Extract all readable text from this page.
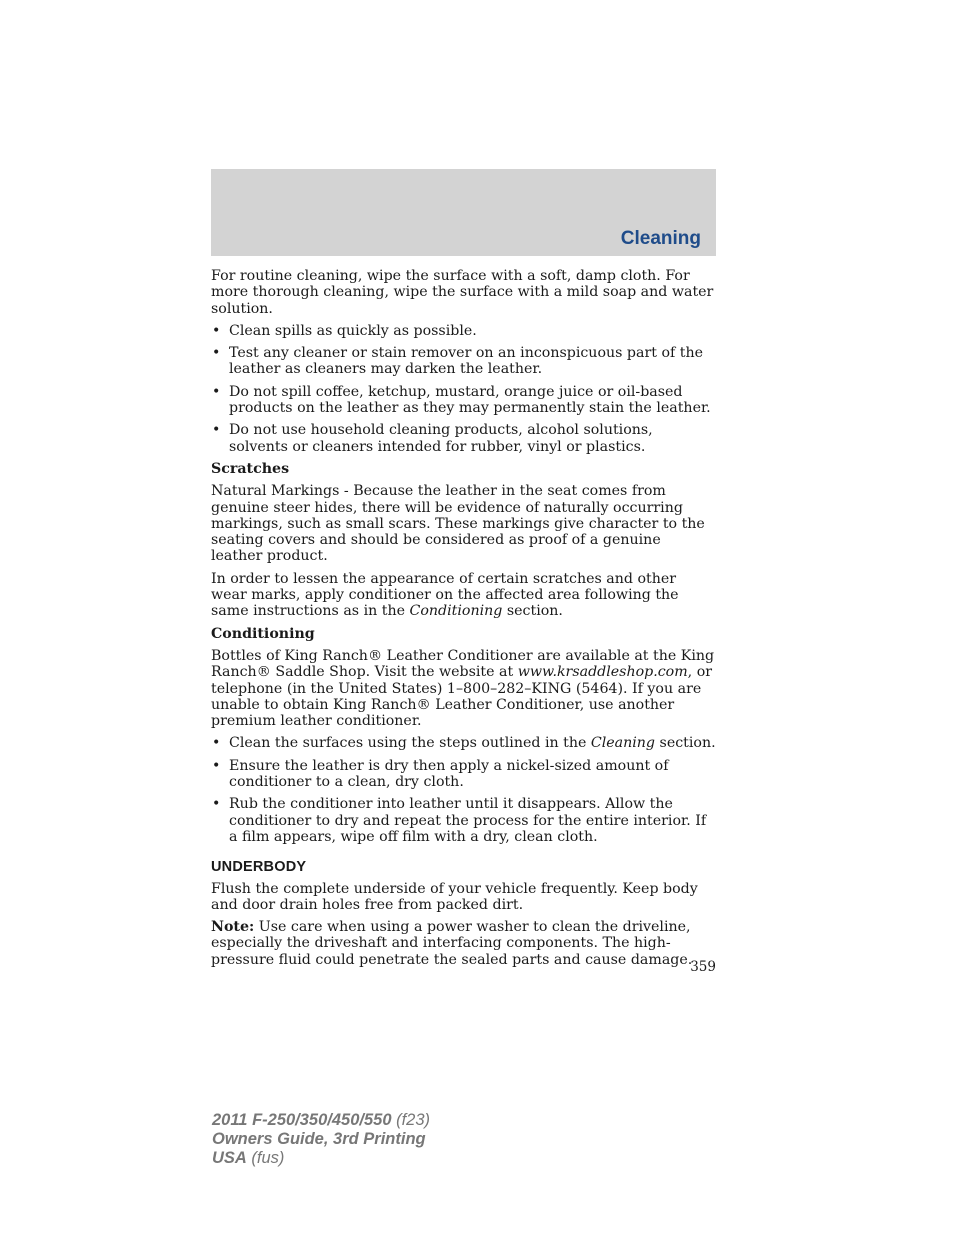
Cleaning

For routine cleaning, wipe the surface with a soft, damp cloth. For more thorough cleaning, wipe the surface with a mild soap and water solution.

• Clean spills as quickly as possible.
• Test any cleaner or stain remover on an inconspicuous part of the leather as cleaners may darken the leather.
• Do not spill coffee, ketchup, mustard, orange juice or oil-based products on the leather as they may permanently stain the leather.
• Do not use household cleaning products, alcohol solutions, solvents or cleaners intended for rubber, vinyl or plastics.
Scratches

Natural Markings - Because the leather in the seat comes from genuine steer hides, there will be evidence of naturally occurring markings, such as small scars. These markings give character to the seating covers and should be considered as proof of a genuine leather product.

In order to lessen the appearance of certain scratches and other wear marks, apply conditioner on the affected area following the same instructions as in the Conditioning section.

Conditioning

Bottles of King Ranch® Leather Conditioner are available at the King Ranch® Saddle Shop. Visit the website at www.krsaddleshop.com, or telephone (in the United States) 1–800–282–KING (5464). If you are unable to obtain King Ranch® Leather Conditioner, use another premium leather conditioner.

• Clean the surfaces using the steps outlined in the Cleaning section.
• Ensure the leather is dry then apply a nickel-sized amount of conditioner to a clean, dry cloth.
• Rub the conditioner into leather until it disappears. Allow the conditioner to dry and repeat the process for the entire interior. If a film appears, wipe off film with a dry, clean cloth.
UNDERBODY

Flush the complete underside of your vehicle frequently. Keep body and door drain holes free from packed dirt.

Note: Use care when using a power washer to clean the driveline, especially the driveshaft and interfacing components. The high-pressure fluid could penetrate the sealed parts and cause damage.

359
2011 F-250/350/450/550 (f23)
Owners Guide, 3rd Printing
USA (fus)
